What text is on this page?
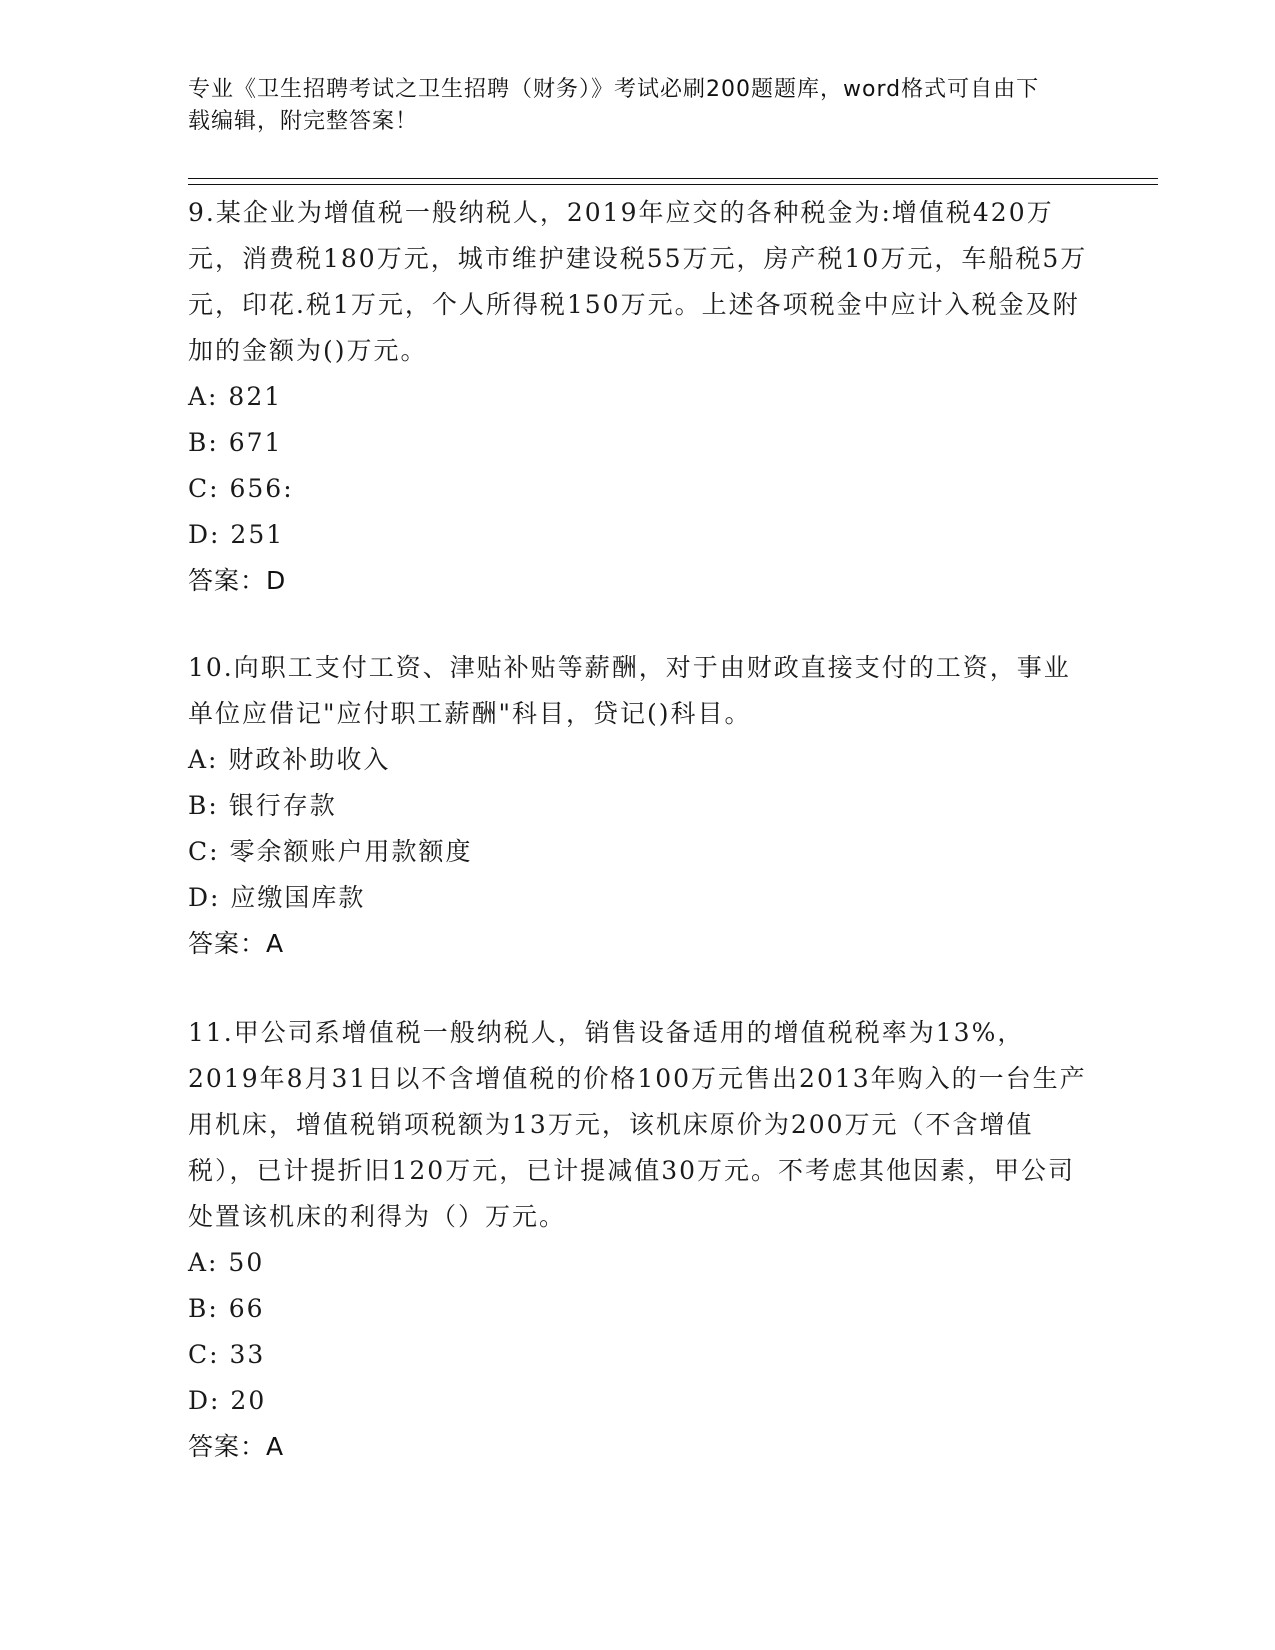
专业《卫生招聘考试之卫生招聘（财务）》考试必刷200题题库，word格式可自由下载编辑，附完整答案！

9.某企业为增值税一般纳税人，2019年应交的各种税金为:增值税420万元，消费税180万元，城市维护建设税55万元，房产税10万元，车船税5万元，印花.税1万元，个人所得税150万元。上述各项税金中应计入税金及附加的金额为()万元。

A: 821

B: 671

C: 656:

D: 251

答案：D

10.向职工支付工资、津贴补贴等薪酬，对于由财政直接支付的工资，事业单位应借记"应付职工薪酬"科目，贷记()科目。

A: 财政补助收入

B: 银行存款

C: 零余额账户用款额度

D: 应缴国库款

答案：A

11.甲公司系增值税一般纳税人，销售设备适用的增值税税率为13%，2019年8月31日以不含增值税的价格100万元售出2013年购入的一台生产用机床，增值税销项税额为13万元，该机床原价为200万元（不含增值税），已计提折旧120万元，已计提减值30万元。不考虑其他因素，甲公司处置该机床的利得为（）万元。

A: 50

B: 66

C: 33

D: 20

答案：A
